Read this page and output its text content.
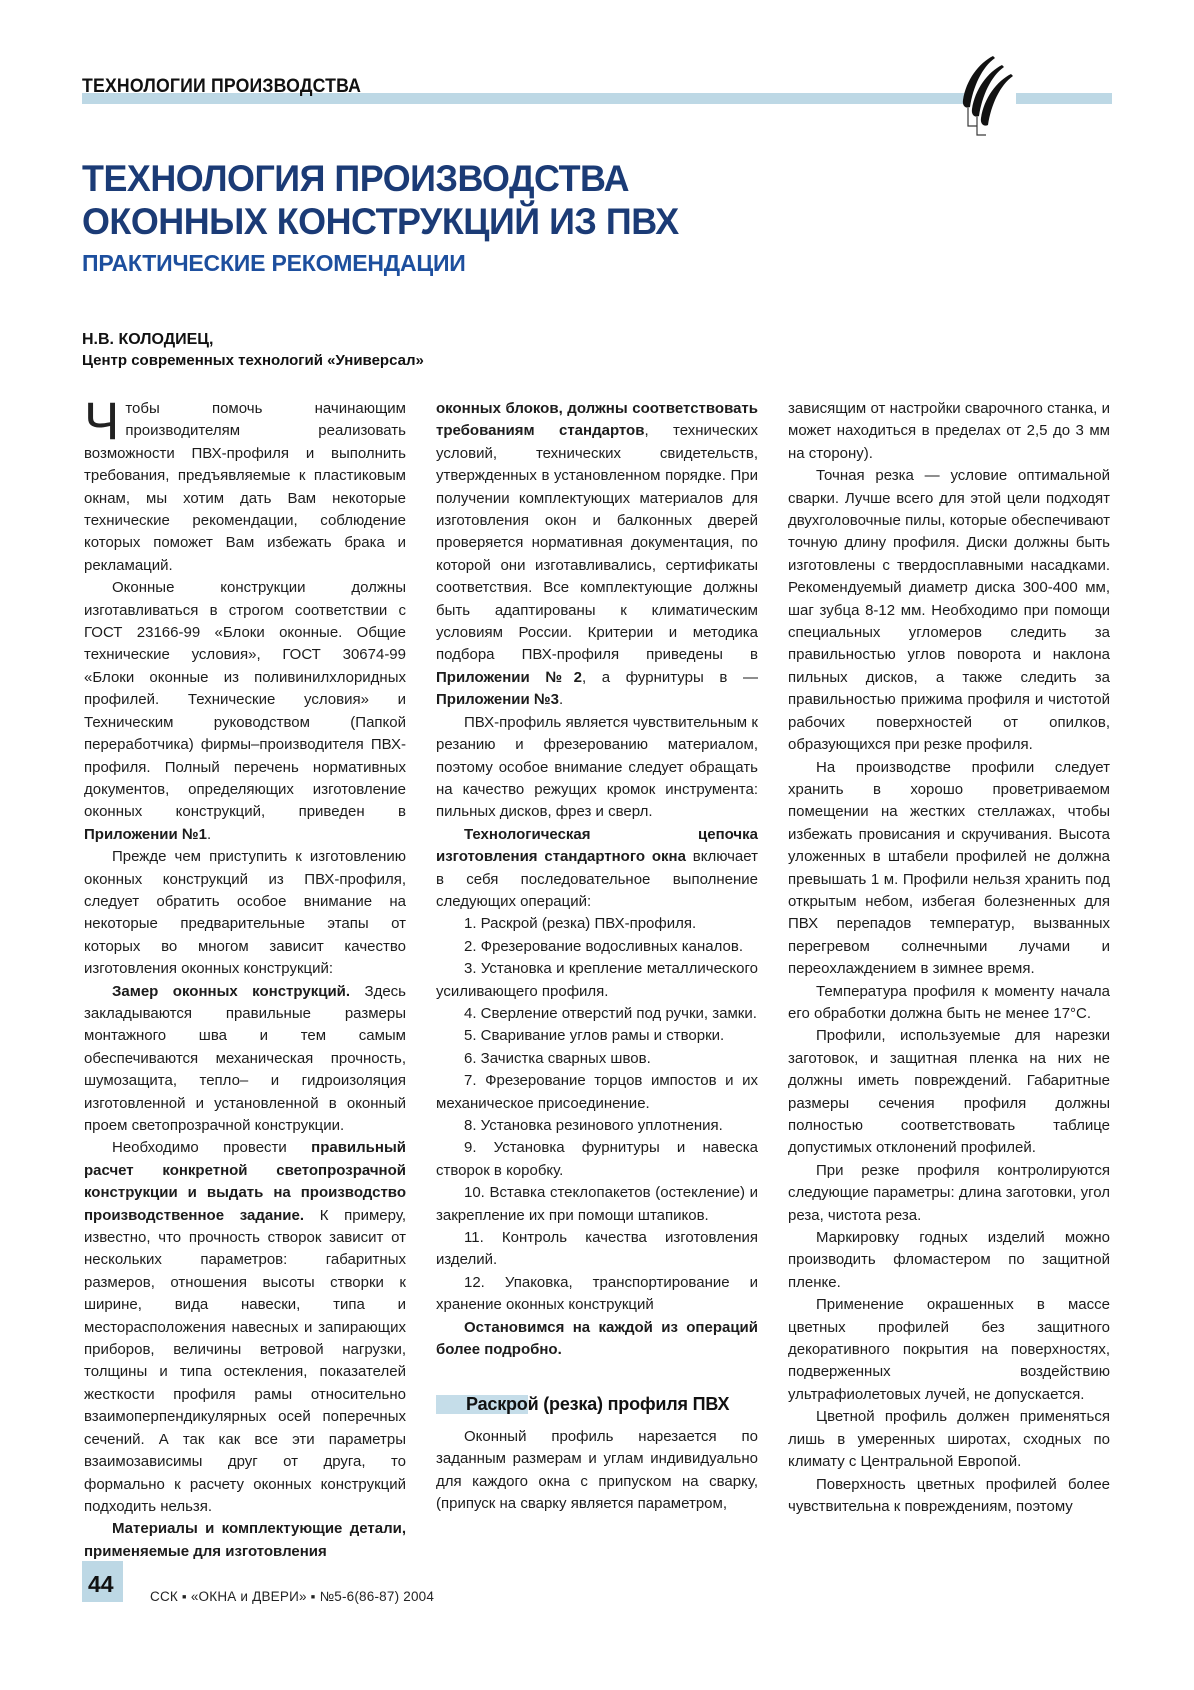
ТЕХНОЛОГИИ ПРОИЗВОДСТВА
ТЕХНОЛОГИЯ ПРОИЗВОДСТВА
ОКОННЫХ КОНСТРУКЦИЙ ИЗ ПВХ
ПРАКТИЧЕСКИЕ РЕКОМЕНДАЦИИ
Н.В. КОЛОДИЕЦ,
Центр современных технологий «Универсал»

Чтобы помочь начинающим производителям реализовать возможности ПВХ-профиля и выполнить требования, предъявляемые к пластиковым окнам, мы хотим дать Вам некоторые технические рекомендации, соблюдение которых поможет Вам избежать брака и рекламаций.

Оконные конструкции должны изготавливаться в строгом соответствии с ГОСТ 23166-99 «Блоки оконные. Общие технические условия», ГОСТ 30674-99 «Блоки оконные из поливинилхлоридных профилей. Технические условия» и Техническим руководством (Папкой переработчика) фирмы–производителя ПВХ-профиля. Полный перечень нормативных документов, определяющих изготовление оконных конструкций, приведен в Приложении №1.

Прежде чем приступить к изготовлению оконных конструкций из ПВХ-профиля, следует обратить особое внимание на некоторые предварительные этапы от которых во многом зависит качество изготовления оконных конструкций:

Замер оконных конструкций. Здесь закладываются правильные размеры монтажного шва и тем самым обеспечиваются механическая прочность, шумозащита, тепло– и гидроизоляция изготовленной и установленной в оконный проем светопрозрачной конструкции.

Необходимо провести правильный расчет конкретной светопрозрачной конструкции и выдать на производство производственное задание. К примеру, известно, что прочность створок зависит от нескольких параметров: габаритных размеров, отношения высоты створки к ширине, вида навески, типа и месторасположения навесных и запирающих приборов, величины ветровой нагрузки, толщины и типа остекления, показателей жесткости профиля рамы относительно взаимоперпендикулярных осей поперечных сечений. А так как все эти параметры взаимозависимы друг от друга, то формально к расчету оконных конструкций подходить нельзя.

Материалы и комплектующие детали, применяемые для изготовления

оконных блоков, должны соответствовать требованиям стандартов, технических условий, технических свидетельств, утвержденных в установленном порядке. При получении комплектующих материалов для изготовления окон и балконных дверей проверяется нормативная документация, по которой они изготавливались, сертификаты соответствия. Все комплектующие должны быть адаптированы к климатическим условиям России. Критерии и методика подбора ПВХ-профиля приведены в Приложении №2, а фурнитуры в — Приложении №3.

ПВХ-профиль является чувствительным к резанию и фрезерованию материалом, поэтому особое внимание следует обращать на качество режущих кромок инструмента: пильных дисков, фрез и сверл.

Технологическая цепочка изготовления стандартного окна включает в себя последовательное выполнение следующих операций:

1. Раскрой (резка) ПВХ-профиля.

2. Фрезерование водосливных каналов.

3. Установка и крепление металлического усиливающего профиля.

4. Сверление отверстий под ручки, замки.

5. Сваривание углов рамы и створки.

6. Зачистка сварных швов.

7. Фрезерование торцов импостов и их механическое присоединение.

8. Установка резинового уплотнения.

9. Установка фурнитуры и навеска створок в коробку.

10. Вставка стеклопакетов (остекление) и закрепление их при помощи штапиков.

11. Контроль качества изготовления изделий.

12. Упаковка, транспортирование и хранение оконных конструкций

Остановимся на каждой из операций более подробно.

Раскрой (резка) профиля ПВХ

Оконный профиль нарезается по заданным размерам и углам индивидуально для каждого окна с припуском на сварку, (припуск на сварку является параметром,

зависящим от настройки сварочного станка, и может находиться в пределах от 2,5 до 3 мм на сторону).

Точная резка — условие оптимальной сварки. Лучше всего для этой цели подходят двухголовочные пилы, которые обеспечивают точную длину профиля. Диски должны быть изготовлены с твердосплавными насадками. Рекомендуемый диаметр диска 300-400 мм, шаг зубца 8-12 мм. Необходимо при помощи специальных угломеров следить за правильностью углов поворота и наклона пильных дисков, а также следить за правильностью прижима профиля и чистотой рабочих поверхностей от опилков, образующихся при резке профиля.

На производстве профили следует хранить в хорошо проветриваемом помещении на жестких стеллажах, чтобы избежать провисания и скручивания. Высота уложенных в штабели профилей не должна превышать 1 м. Профили нельзя хранить под открытым небом, избегая болезненных для ПВХ перепадов температур, вызванных перегревом солнечными лучами и переохлаждением в зимнее время.

Температура профиля к моменту начала его обработки должна быть не менее 17°С.

Профили, используемые для нарезки заготовок, и защитная пленка на них не должны иметь повреждений. Габаритные размеры сечения профиля должны полностью соответствовать таблице допустимых отклонений профилей.

При резке профиля контролируются следующие параметры: длина заготовки, угол реза, чистота реза.

Маркировку годных изделий можно производить фломастером по защитной пленке.

Применение окрашенных в массе цветных профилей без защитного декоративного покрытия на поверхностях, подверженных воздействию ультрафиолетовых лучей, не допускается.

Цветной профиль должен применяться лишь в умеренных широтах, сходных по климату с Центральной Европой.

Поверхность цветных профилей более чувствительна к повреждениям, поэтому

44	ССК ▪ «ОКНА и ДВЕРИ» ▪ №5-6(86-87) 2004
